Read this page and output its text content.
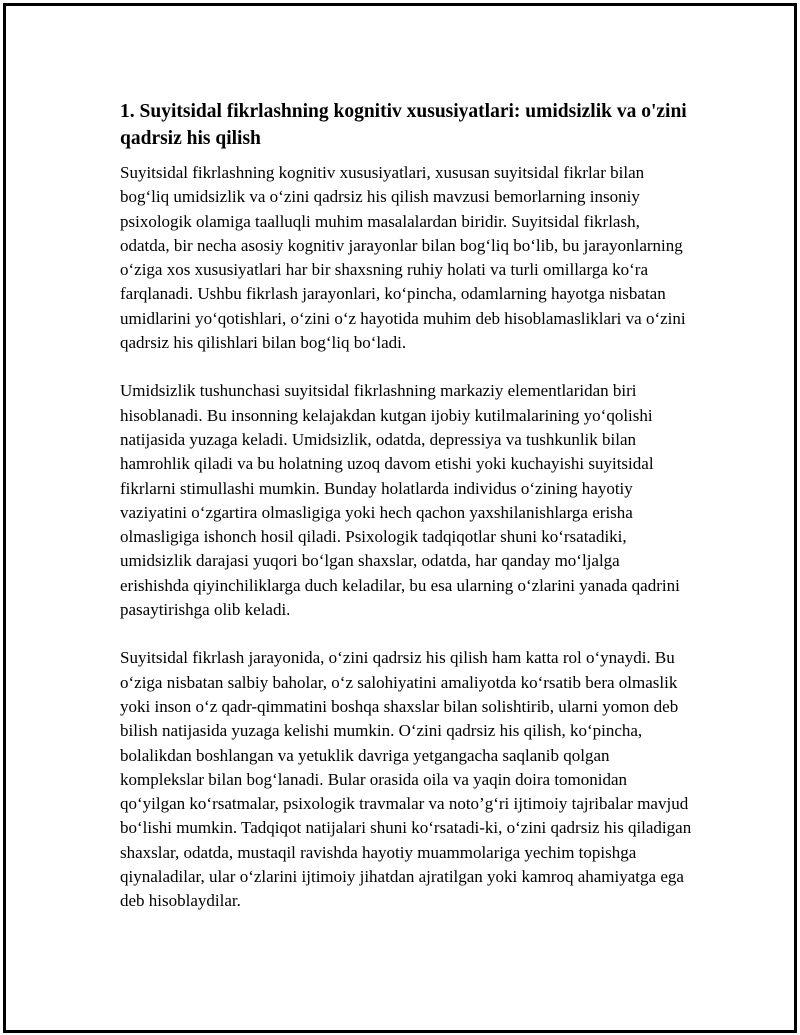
1. Suyitsidal fikrlashning kognitiv xususiyatlari: umidsizlik va o'zini qadrsiz his qilish

Suyitsidal fikrlashning kognitiv xususiyatlari, xususan suyitsidal fikrlar bilan bog‘liq umidsizlik va o‘zini qadrsiz his qilish mavzusi bemorlarning insoniy psixologik olamiga taalluqli muhim masalalardan biridir. Suyitsidal fikrlash, odatda, bir necha asosiy kognitiv jarayonlar bilan bog‘liq bo‘lib, bu jarayonlarning o‘ziga xos xususiyatlari har bir shaxsning ruhiy holati va turli omillarga ko‘ra farqlanadi. Ushbu fikrlash jarayonlari, ko‘pincha, odamlarning hayotga nisbatan umidlarini yo‘qotishlari, o‘zini o‘z hayotida muhim deb hisoblamasliklari va o‘zini qadrsiz his qilishlari bilan bog‘liq bo‘ladi.

Umidsizlik tushunchasi suyitsidal fikrlashning markaziy elementlaridan biri hisoblanadi. Bu insonning kelajakdan kutgan ijobiy kutilmalarining yo‘qolishi natijasida yuzaga keladi. Umidsizlik, odatda, depressiya va tushkunlik bilan hamrohlik qiladi va bu holatning uzoq davom etishi yoki kuchayishi suyitsidal fikrlarni stimullashi mumkin. Bunday holatlarda individus o‘zining hayotiy vaziyatini o‘zgartira olmasligiga yoki hech qachon yaxshilanishlarga erisha olmasligiga ishonch hosil qiladi. Psixologik tadqiqotlar shuni ko‘rsatadiki, umidsizlik darajasi yuqori bo‘lgan shaxslar, odatda, har qanday mo‘ljalga erishishda qiyinchiliklarga duch keladilar, bu esa ularning o‘zlarini yanada qadrini pasaytirishga olib keladi.

Suyitsidal fikrlash jarayonida, o‘zini qadrsiz his qilish ham katta rol o‘ynaydi. Bu o‘ziga nisbatan salbiy baholar, o‘z salohiyatini amaliyotda ko‘rsatib bera olmaslik yoki inson o‘z qadr-qimmatini boshqa shaxslar bilan solishtirib, ularni yomon deb bilish natijasida yuzaga kelishi mumkin. O‘zini qadrsiz his qilish, ko‘pincha, bolalikdan boshlangan va yetuklik davriga yetgangacha saqlanib qolgan komplekslar bilan bog‘lanadi. Bular orasida oila va yaqin doira tomonidan qo‘yilgan ko‘rsatmalar, psixologik travmalar va noto’g‘ri ijtimoiy tajribalar mavjud bo‘lishi mumkin. Tadqiqot natijalari shuni ko‘rsatadi-ki, o‘zini qadrsiz his qiladigan shaxslar, odatda, mustaqil ravishda hayotiy muammolariga yechim topishga qiynaladilar, ular o‘zlarini ijtimoiy jihatdan ajratilgan yoki kamroq ahamiyatga ega deb hisoblaydilar.
